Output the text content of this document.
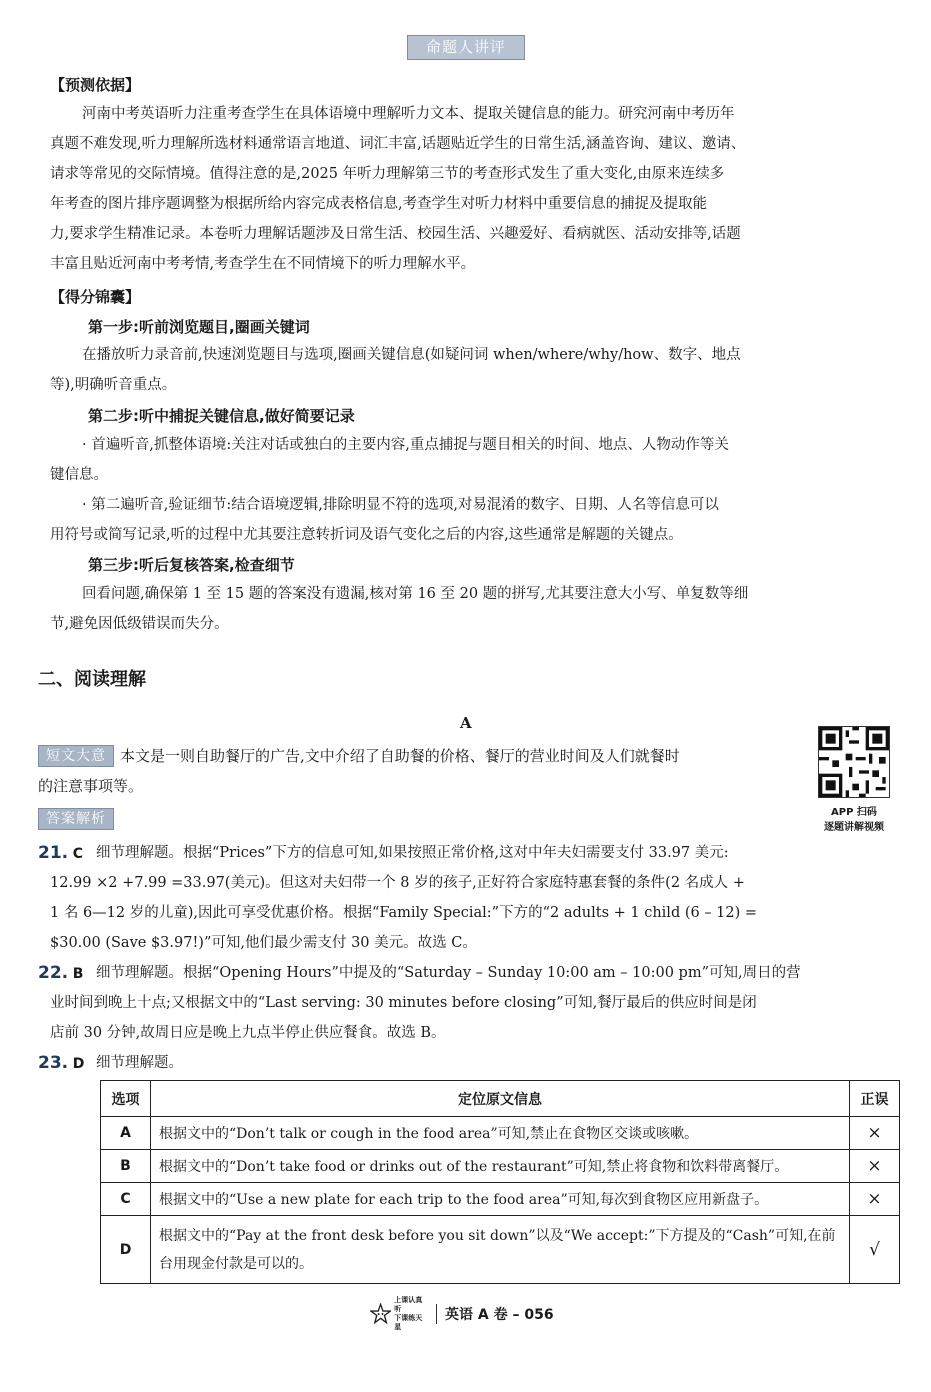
命题人讲评
【预测依据】
河南中考英语听力注重考查学生在具体语境中理解听力文本、提取关键信息的能力。研究河南中考历年
真题不难发现,听力理解所选材料通常语言地道、词汇丰富,话题贴近学生的日常生活,涵盖咨询、建议、邀请、
请求等常见的交际情境。值得注意的是,2025 年听力理解第三节的考查形式发生了重大变化,由原来连续多
年考查的图片排序题调整为根据所给内容完成表格信息,考查学生对听力材料中重要信息的捕捉及提取能
力,要求学生精准记录。本卷听力理解话题涉及日常生活、校园生活、兴趣爱好、看病就医、活动安排等,话题
丰富且贴近河南中考考情,考查学生在不同情境下的听力理解水平。
【得分锦囊】
第一步:听前浏览题目,圈画关键词
在播放听力录音前,快速浏览题目与选项,圈画关键信息(如疑问词 when/where/why/how、数字、地点
等),明确听音重点。
第二步:听中捕捉关键信息,做好简要记录
· 首遍听音,抓整体语境:关注对话或独白的主要内容,重点捕捉与题目相关的时间、地点、人物动作等关
键信息。
· 第二遍听音,验证细节:结合语境逻辑,排除明显不符的选项,对易混淆的数字、日期、人名等信息可以
用符号或简写记录,听的过程中尤其要注意转折词及语气变化之后的内容,这些通常是解题的关键点。
第三步:听后复核答案,检查细节
回看问题,确保第 1 至 15 题的答案没有遗漏,核对第 16 至 20 题的拼写,尤其要注意大小写、单复数等细
节,避免因低级错误而失分。
二、阅读理解
A
短文大意 本文是一则自助餐厅的广告,文中介绍了自助餐的价格、餐厅的营业时间及人们就餐时
的注意事项等。
APP 扫码
逐题讲解视频
答案解析
21. C 细节理解题。根据“Prices”下方的信息可知,如果按照正常价格,这对中年夫妇需要支付 33.97 美元:
12.99 ×2 +7.99 =33.97(美元)。但这对夫妇带一个 8 岁的孩子,正好符合家庭特惠套餐的条件(2 名成人 +
1 名 6—12 岁的儿童),因此可享受优惠价格。根据“Family Special:”下方的“2 adults + 1 child (6 – 12) =
$30.00 (Save $3.97!)”可知,他们最少需支付 30 美元。故选 C。
22. B 细节理解题。根据“Opening Hours”中提及的“Saturday – Sunday 10:00 am – 10:00 pm”可知,周日的营
业时间到晚上十点;又根据文中的“Last serving: 30 minutes before closing”可知,餐厅最后的供应时间是闭
店前 30 分钟,故周日应是晚上九点半停止供应餐食。故选 B。
23. D 细节理解题。
选项	定位原文信息	正误
A	根据文中的“Don’t talk or cough in the food area”可知,禁止在食物区交谈或咳嗽。	×
B	根据文中的“Don’t take food or drinks out of the restaurant”可知,禁止将食物和饮料带离餐厅。	×
C	根据文中的“Use a new plate for each trip to the food area”可知,每次到食物区应用新盘子。	×
D	根据文中的“Pay at the front desk before you sit down”以及“We accept:”下方提及的“Cash”可知,在前台用现金付款是可以的。	√
上课认真听
下课练天星
英语 A 卷 – 056
